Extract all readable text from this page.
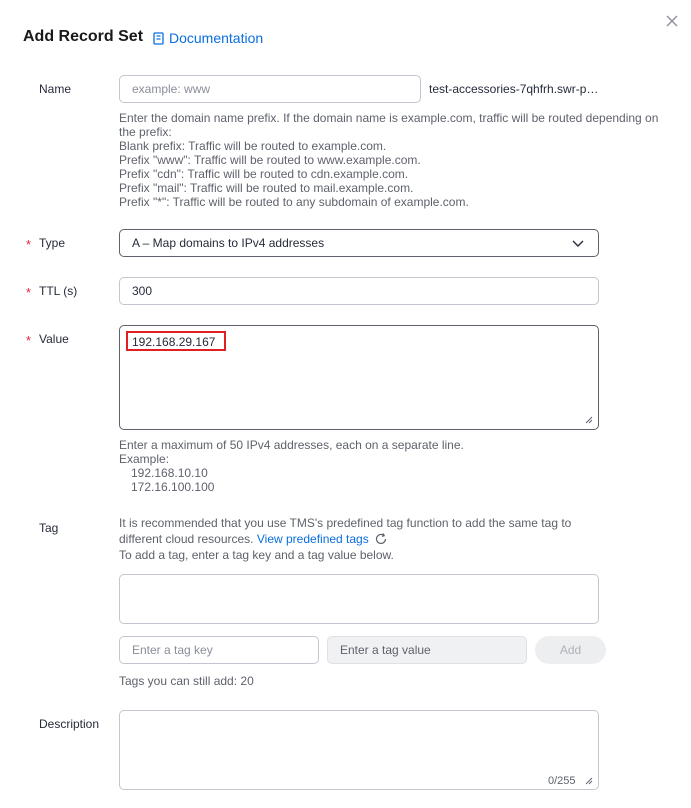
Add Record Set Documentation
Name	example: www	test-accessories-7qhfrh.swr-p…
Enter the domain name prefix. If the domain name is example.com, traffic will be routed depending on
the prefix:
Blank prefix: Traffic will be routed to example.com.
Prefix "www": Traffic will be routed to www.example.com.
Prefix "cdn": Traffic will be routed to cdn.example.com.
Prefix "mail": Traffic will be routed to mail.example.com.
Prefix "*": Traffic will be routed to any subdomain of example.com.
* Type	A – Map domains to IPv4 addresses
* TTL (s)	300
* Value	192.168.29.167
Enter a maximum of 50 IPv4 addresses, each on a separate line.
Example:
192.168.10.10
172.16.100.100
Tag	It is recommended that you use TMS's predefined tag function to add the same tag to
different cloud resources.
View predefined tags
To add a tag, enter a tag key and a tag value below.
Enter a tag key	Enter a tag value	Add
Tags you can still add: 20
Description
0/255
